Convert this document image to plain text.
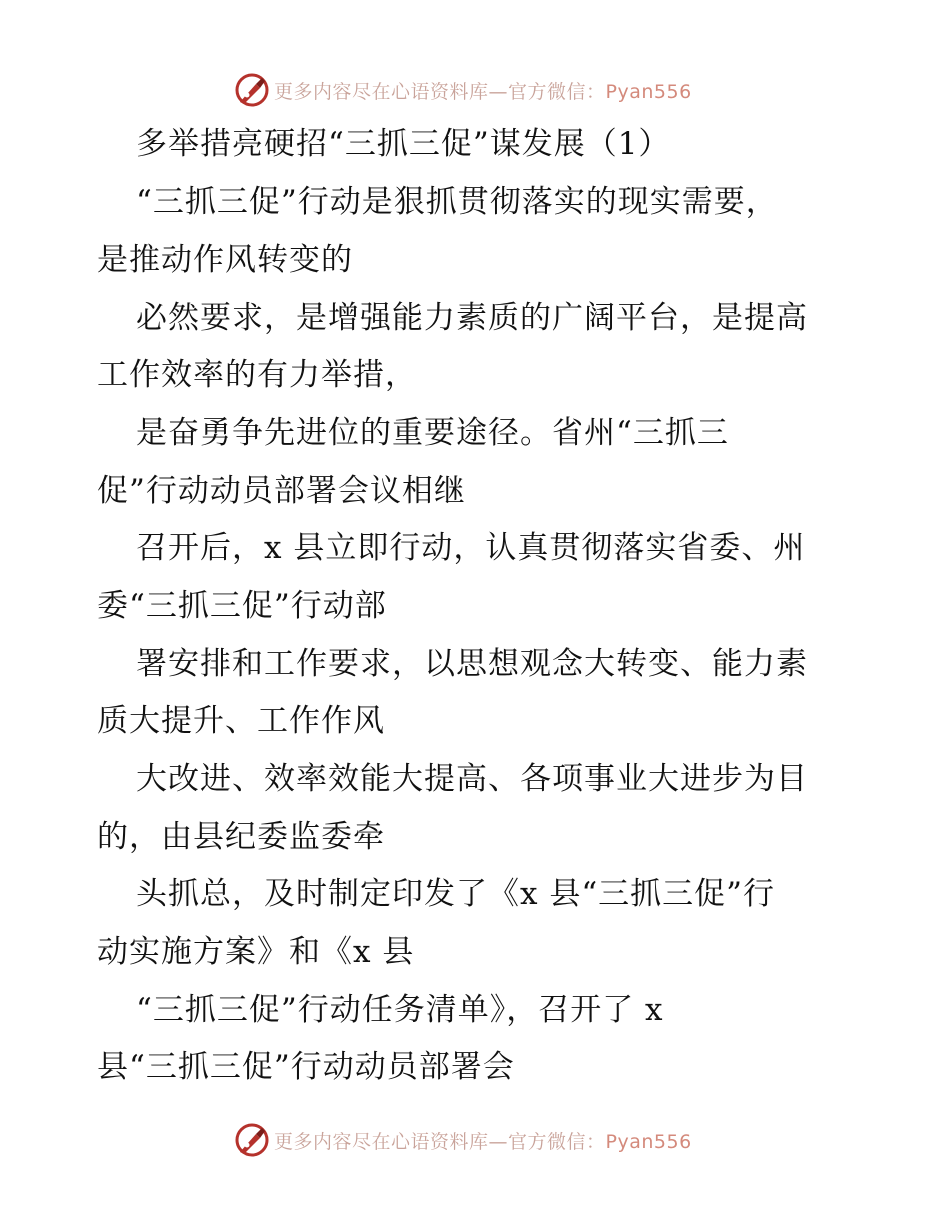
更多内容尽在心语资料库—官方微信：Pyan556
多举措亮硬招“三抓三促”谋发展（1）
“三抓三促”行动是狠抓贯彻落实的现实需要，
是推动作风转变的
必然要求，是增强能力素质的广阔平台，是提高
工作效率的有力举措，
是奋勇争先进位的重要途径。省州“三抓三
促”行动动员部署会议相继
召开后，x 县立即行动，认真贯彻落实省委、州
委“三抓三促”行动部
署安排和工作要求，以思想观念大转变、能力素
质大提升、工作作风
大改进、效率效能大提高、各项事业大进步为目
的，由县纪委监委牵
头抓总，及时制定印发了《x 县“三抓三促”行
动实施方案》和《x 县
“三抓三促”行动任务清单》，召开了 x
县“三抓三促”行动动员部署会
更多内容尽在心语资料库—官方微信：Pyan556
